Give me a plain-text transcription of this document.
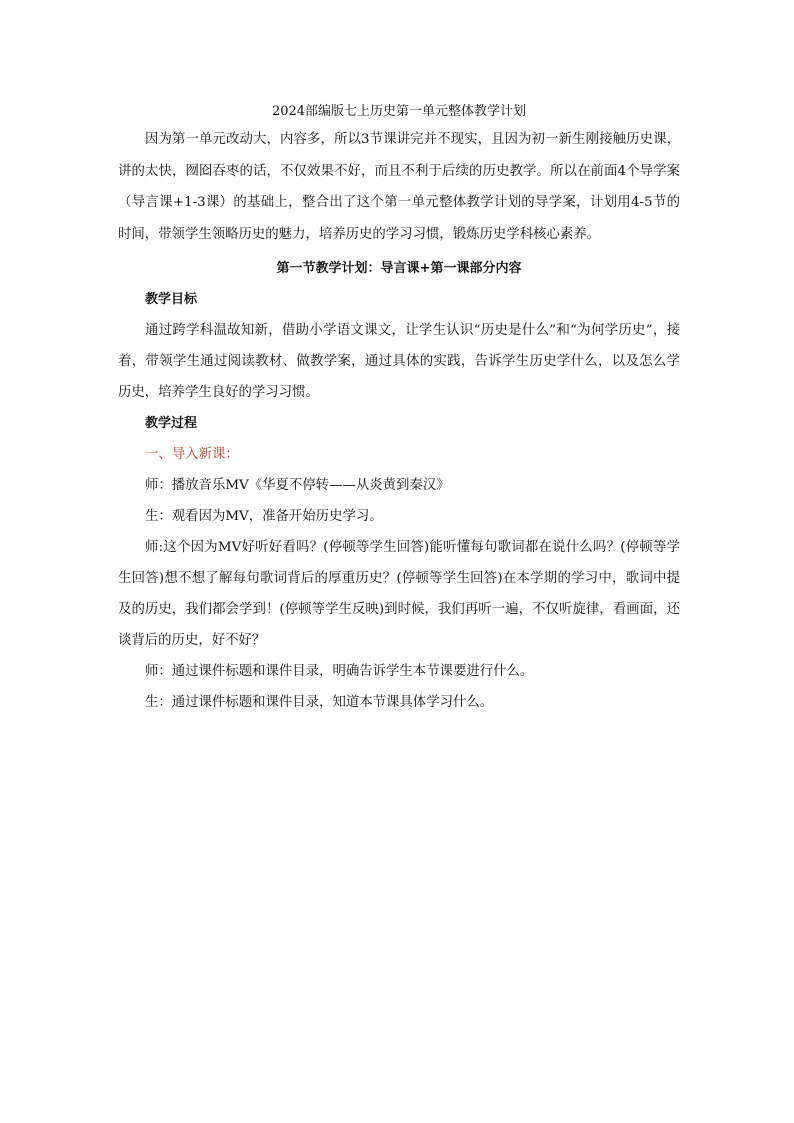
2024部编版七上历史第一单元整体教学计划

因为第一单元改动大，内容多，所以3节课讲完并不现实，且因为初一新生刚接触历史课，讲的太快，囫囵吞枣的话，不仅效果不好，而且不利于后续的历史教学。所以在前面4个导学案（导言课+1-3课）的基础上，整合出了这个第一单元整体教学计划的导学案，计划用4-5节的时间，带领学生领略历史的魅力，培养历史的学习习惯，锻炼历史学科核心素养。

第一节教学计划：导言课+第一课部分内容

教学目标

通过跨学科温故知新，借助小学语文课文，让学生认识“历史是什么”和“为何学历史”，接着，带领学生通过阅读教材、做教学案，通过具体的实践，告诉学生历史学什么，以及怎么学历史，培养学生良好的学习习惯。

教学过程

一、导入新课：

师：播放音乐MV《华夏不停转——从炎黄到秦汉》

生：观看因为MV，准备开始历史学习。

师:这个因为MV好听好看吗？(停顿等学生回答)能听懂每句歌词都在说什么吗？(停顿等学生回答)想不想了解每句歌词背后的厚重历史？(停顿等学生回答)在本学期的学习中，歌词中提及的历史，我们都会学到！(停顿等学生反映)到时候，我们再听一遍，不仅听旋律，看画面，还谈背后的历史，好不好？

师：通过课件标题和课件目录，明确告诉学生本节课要进行什么。

生：通过课件标题和课件目录，知道本节课具体学习什么。
